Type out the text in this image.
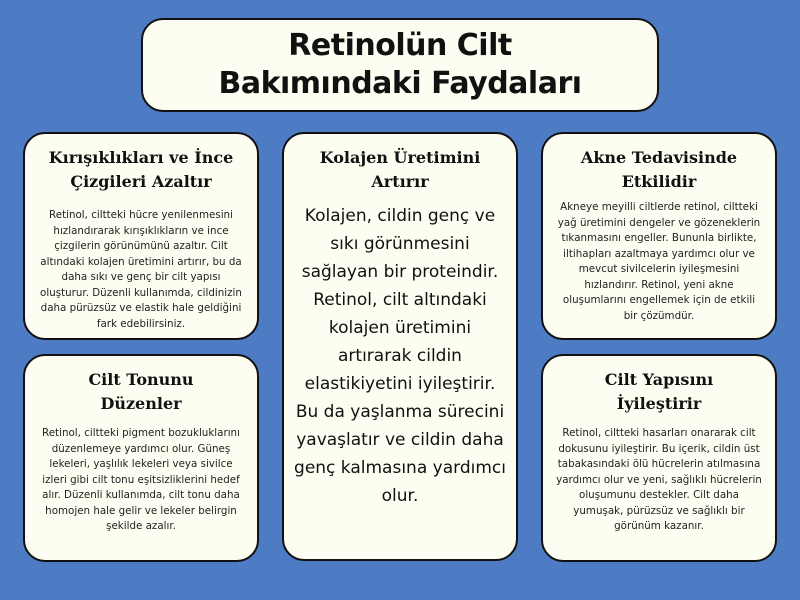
Retinolün Cilt
Bakımındaki Faydaları
Kırışıklıkları ve İnce
Çizgileri Azaltır

Retinol, ciltteki hücre yenilenmesini hızlandırarak kırışıklıkların ve ince çizgilerin görünümünü azaltır. Cilt altındaki kolajen üretimini artırır, bu da daha sıkı ve genç bir cilt yapısı oluşturur. Düzenli kullanımda, cildinizin daha pürüzsüz ve elastik hale geldiğini fark edebilirsiniz.

Kolajen Üretimini
Artırır

Kolajen, cildin genç ve sıkı görünmesini sağlayan bir proteindir. Retinol, cilt altındaki kolajen üretimini artırarak cildin elastikiyetini iyileştirir. Bu da yaşlanma sürecini yavaşlatır ve cildin daha genç kalmasına yardımcı olur.

Akne Tedavisinde
Etkilidir

Akneye meyilli ciltlerde retinol, ciltteki yağ üretimini dengeler ve gözeneklerin tıkanmasını engeller. Bununla birlikte, iltihapları azaltmaya yardımcı olur ve mevcut sivilcelerin iyileşmesini hızlandırır. Retinol, yeni akne oluşumlarını engellemek için de etkili bir çözümdür.

Cilt Tonunu
Düzenler

Retinol, ciltteki pigment bozukluklarını düzenlemeye yardımcı olur. Güneş lekeleri, yaşlılık lekeleri veya sivilce izleri gibi cilt tonu eşitsizliklerini hedef alır. Düzenli kullanımda, cilt tonu daha homojen hale gelir ve lekeler belirgin şekilde azalır.

Cilt Yapısını
İyileştirir

Retinol, ciltteki hasarları onararak cilt dokusunu iyileştirir. Bu içerik, cildin üst tabakasındaki ölü hücrelerin atılmasına yardımcı olur ve yeni, sağlıklı hücrelerin oluşumunu destekler. Cilt daha yumuşak, pürüzsüz ve sağlıklı bir görünüm kazanır.
